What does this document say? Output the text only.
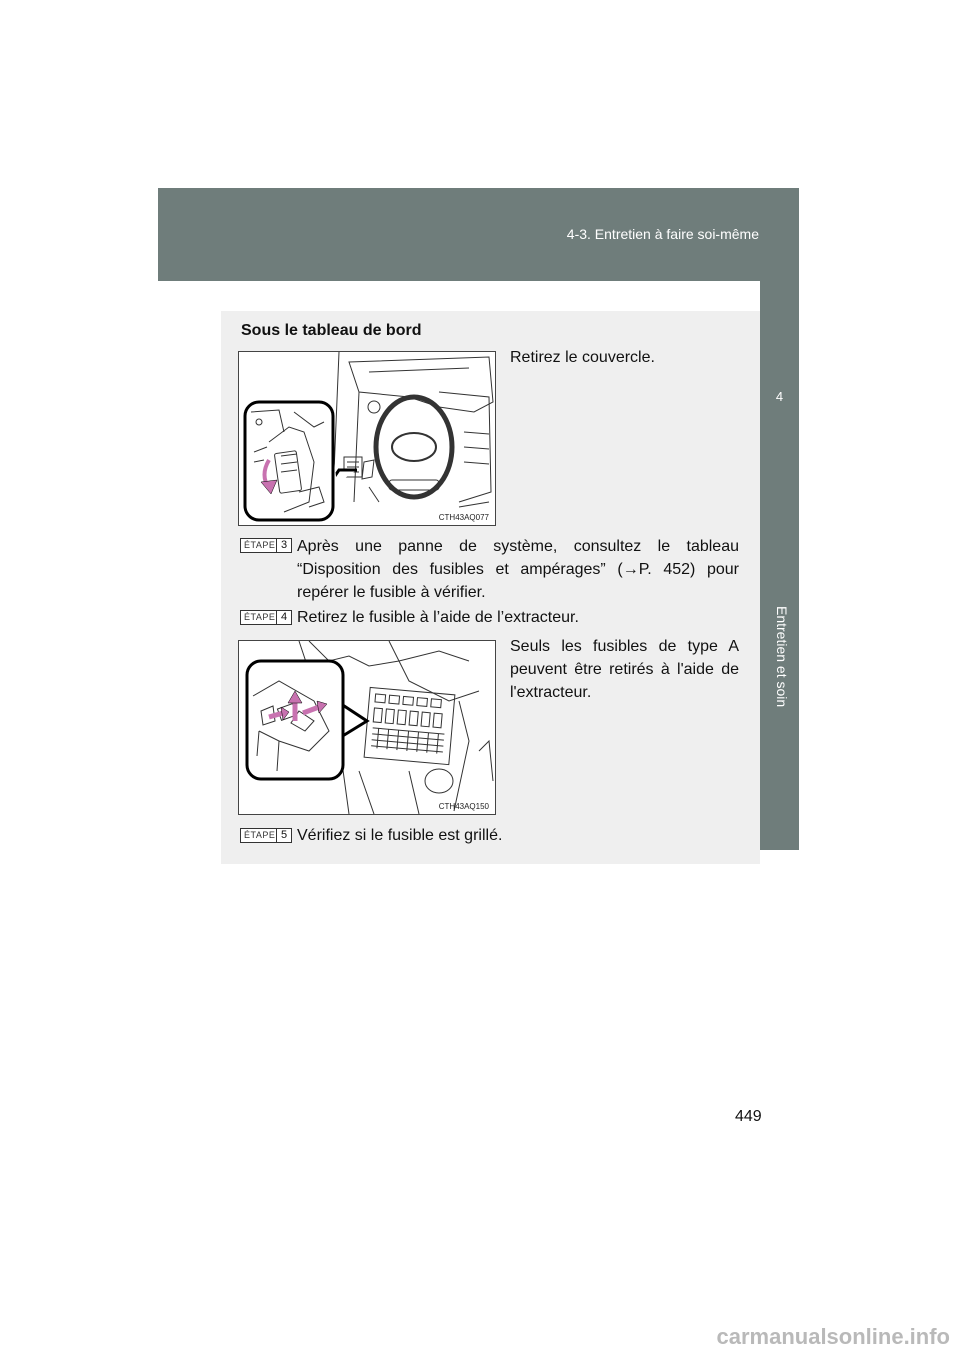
4-3. Entretien à faire soi-même
4
Entretien et soin
Sous le tableau de bord
CTH43AQ077
Retirez le couvercle.
ÉTAPE 3 Après une panne de système, consultez le tableau “Disposition des fusibles et ampérages” (→P. 452) pour repérer le fusible à vérifier.
ÉTAPE 4 Retirez le fusible à l’aide de l’extracteur.
CTH43AQ150
Seuls les fusibles de type A peuvent être retirés à l'aide de l'extracteur.
ÉTAPE 5 Vérifiez si le fusible est grillé.
449
carmanualsonline.info
